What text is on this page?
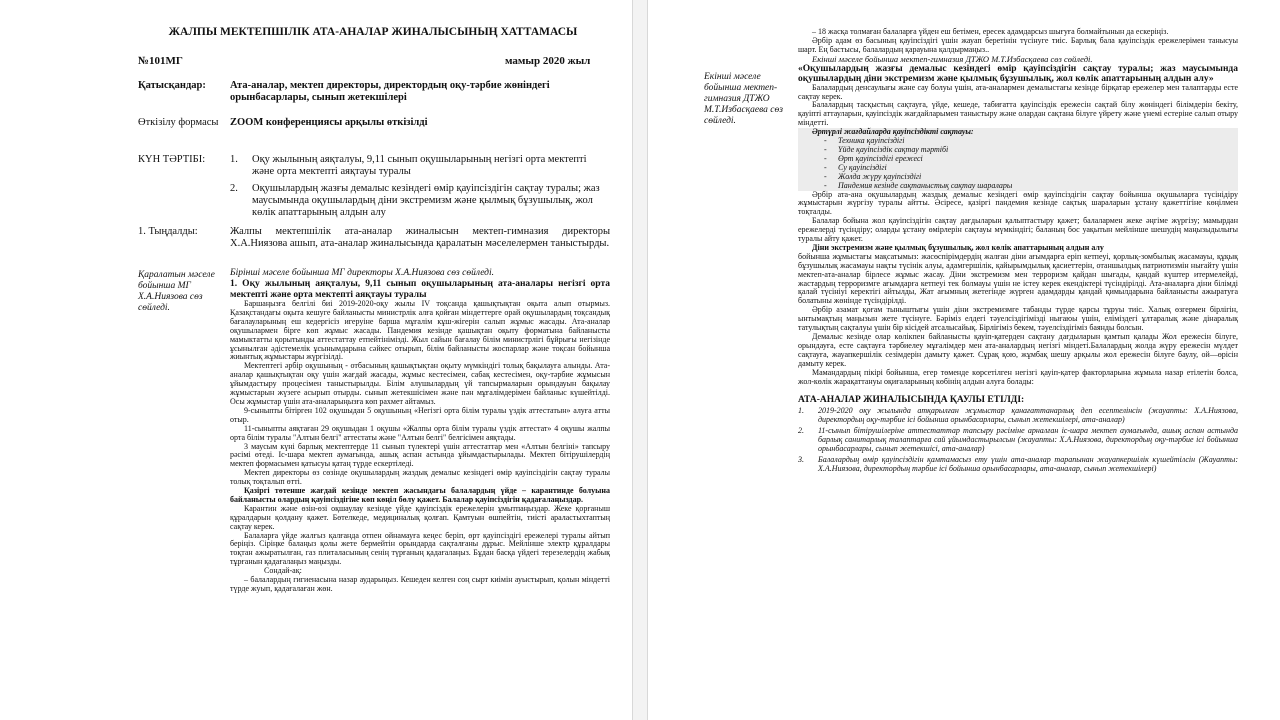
ЖАЛПЫ МЕКТЕПШІЛІК АТА-АНАЛАР ЖИНАЛЫСЫНЫҢ ХАТТАМАСЫ
№101МГ	мамыр 2020 жыл
Қатысқандар:	Ата-аналар, мектеп директоры, директордың оқу-тәрбие жөніндегі орынбасарлары, сынып жетекшілері
Өткізілу формасы	ZOOM конференциясы арқылы өткізілді
КҮН ТӘРТІБІ:	1. Оқу жылының аяқталуы, 9,11 сынып оқушыларының негізгі орта мектепті және орта мектепті аяқтауы туралы
2. Оқушылардың жазғы демалыс кезіндегі өмір қауіпсіздігін сақтау туралы; жаз маусымында оқушылардың діни экстремизм және қылмық бұзушылық, жол көлік апаттарының алдын алу
1. Тыңдалды:	Жалпы мектепшілік ата-аналар жиналысын мектеп-гимназия директоры Х.А.Ниязова ашып, ата-аналар жиналысында қаралатын мәселелермен таныстырды.
Қаралатын мәселе бойынша МГ Х.А.Ниязова сөз сөйледі.

Бірінші мәселе бойынша МГ директоры Х.А.Ниязова сөз сөйледі.

1. Оқу жылының аяқталуы, 9,11 сынып оқушыларының ата-аналары негізгі орта мектепті және орта мектепті аяқтауы туралы

Баршаңызға белгілі биі 2019-2020-оқу жылы IV тоқсанда қашықтықтан оқыта алып отырмыз. Қазақстандағы оқыта кешуге байланысты министрлік алға қойған міндеттерге орай оқушылардың тоқсандық бағалауларының еш кедергісіз игеруіне барша мұғалім кұш-жігерін салып жұмыс жасады. Ата-аналар оқушылармен бірге көп жұмыс жасады. Пандемия кезінде қашықтан оқыту форматына байланысты мамыктатты қорытынды аттестаттау етпейтінімізді. Жыл сайын бағалау білім министрлігі бұйрығы негізінде ұсынылған әдістемелік ұсынымдарына сәйкес отырып, білім байланысты жоспарлар және тоқсан бойынша жиынтық жұмыстары жүргізілді.

Мектептегі әрбір оқушының - отбасының қашықтықтан оқыту мүмкіндігі толық бақылауға алынды. Ата-аналар қашықтықтан оқу үшін жағдай жасады, жұмыс кестесімен, сабақ кестесімен, оқу-тәрбие жұмысын ұйымдастыру процесімен таныстырылды. Білім алушылардың үй тапсырмаларын орындауын бақылау жұмыстарын жүзеге асырып отырды. сынып жетекшісімен және пән мұғалімдерімен байланыс күшейтілді. Осы жұмыстар үшін ата-аналарыңызға көп рахмет айтамыз.

9-сыныпты бітірген 102 оқушыдан 5 оқушының «Негізгі орта білім туралы үздік аттестатын» алуға атты отыр.

11-сыныпты аяқтаған 29 оқушыдан 1 оқушы «Жалпы орта білім туралы үздік аттестат» 4 оқушы жалпы орта білім туралы "Алтын белгі" аттестаты және "Алтын белгі" белгісімен аяқтады.

3 маусым күні барлық мектептерде 11 сынып түлектері үшін аттестаттар мен «Алтын белгіні» тапсыру рәсімі өтеді. Іс-шара мектеп аумағында, ашық аспан астында ұйымдастырылады. Мектеп бітірушілердің мектеп формасымен қатысуы қатаң түрде ескертіледі.

Мектеп директоры өз сөзінде оқушылардың жаздық демалыс кезіндегі өмір қауіпсіздігін сақтау туралы толық тоқталып өтті.

Қазіргі төтенше жағдай кезінде мектеп жасындағы балалардың үйде – карантинде болуына байланысты олардың қауіпсіздігіне көп көңіл бөлу қажет. Балалар қауіпсіздігін қадағалаңыздар.

Карантин және өзін-өзі оқшаулау кезінде үйде қауіпсіздік ережелерін ұмытпаңыздар. Жеке қорғаныш құралдарын қолдану қажет. Бөтелкеде, медициналық қолғап. Қамтуын өшпейтін, тиісті араластыхтаптың сақтау керек.

Балаларға үйде жалғыз қалғанда отпен ойнамауға кеңес беріп, өрт қауіпсіздігі ережелері туралы айтып беріңіз. Сіріңке балаңыз қолы жете бермейтін орындарда сақталғаны дұрыс. Мейлінше электр құралдары тоқтан ажыратылған, газ плиталасының сенің түрғаның қадағалаңыз. Бұдан басқа үйдегі терезелердің жабық тұрғанын қадағалаңыз маңызды.

Сондай-ақ:

– балалардың гигиенасына назар аударыңыз. Кешеден келген соң сырт киімін ауыстырып, қолын міндетті түрде жуып, қадағалаған жөн.

Екінші мәселе бойынша мектеп-гимназия ДТЖО М.Т.Избасқаева сөз сөйледі.

– 18 жасқа толмаған балаларға үйден еш бетімен, ересек адамдарсыз шығуға болмайтынын да ескеріңіз.

Әрбір адам өз басының қауіпсіздігі үшін жауап беретінін түсінуге тиіс. Барлық бала қауіпсіздік ережелерімен танысуы шарт. Ең бастысы, балалардың қарауына қалдырмаңыз..

Екінші мәселе бойынша мектеп-гимназия ДТЖО М.Т.Избасқаева сөз сөйледі.

«Оқушылардың жазғы демалыс кезіндегі өмір қауіпсіздігін сақтау туралы; жаз маусымында оқушылардың діни экстремизм және қылмық бұзушылық, жол көлік апаттарының алдын алу»

Балалардың денсаулығы және сау болуы үшін, ата-аналармен демалыстағы кезінде бірқатар ережелер мен талаптарды есте сақтау керек.

Балалардың тасқыстың сақтауға, үйде, кешеде, табиғатта қауіпсіздік ережесін сақтай білу жөніндегі білімдерін бекіту, қауіпті аттауларын, қауіпсіздік жағдайларымен таныстыру және олардан сақтана білуге үйрету және үнемі естеріне салып отыру міндетті.

Әртүрлі жағдайларда қауіпсіздікті сақтауы:

- Техника қауіпсіздігі
- Үйде қауіпсіздік сақтау тәртібі
- Өрт қауіпсіздігі ережесі
- Су қауіпсіздігі
- Жолда жүру қауіпсіздігі
- Пандемия кезінде сақтаныстық сақтау шаралары

Әрбір ата-ана оқушылардың жаздық демалыс кезіндегі өмір қауіпсіздігін сақтау бойынша оқушыларға түсінідіру жұмыстарын жүргізу туралы айтты. Әсіресе, қазіргі пандемия кезінде сақтық шараларын ұстану қажеттігіне көңілмен тоқталды.

Балалар бойына жол қауіпсіздігін сақтау дағдыларын қалыптастыру қажет; балалармен жеке әңгіме жүргізу; мамырдан ережелерді түсіндіру; оларды ұстану өмірлерін сақтауы мүмкіндігі; баланың бос уақытын мейлінше шешудің маңызыдылығы туралы айту қажет.

Діни экстремизм және қылмық бұзушылық, жол көлік апаттарының алдын алу

бойынша жұмыстағы мақсатымыз: жасөспірімдердің жалған діни ағымдарға еріп кетпеуі, қорлық-зомбылық жасамауы, құқық бұзушылық жасамауы нақты түсінік алуы, адамгершілік, қайырымдылық қасиеттерін, отаншылдық патриотизмін нығайту үшін мектеп-ата-аналар бірлесе жұмыс жасау. Діни экстремизм мен терроризм қайдан шығады, қандай күштер итермелейді, жастардың терроризмге ағымдарға кетпеуі тек болмауы үшін не істеу керек екендіктері түсіндірілді. Ата-аналарға діни білімді қалай түсініуі керектігі айтылды, Жат ағымның жетегінде жүрген адамдарды қандай қимылдарына байланысты ажыратуға болатыны жөнінде түсіндірілді.

Әрбір азамат қоғам тыныштығы үшін діни экстремизмге табанды түрде қарсы тұруы тиіс. Халық өзгермен бірлігін, ынтымақтың маңызын жете түсінуге. Бәріміз елдегі тәуелсіздігімізді нығаюы үшін, еліміздегі ұлтаралық және дінаралық татулықтың сақталуы үшін бір кісідей атсалысайық. Бірлігіміз бекем, тәуелсіздігіміз баянды болсын.

Демалыс кезінде олар көлікпен байланысты қауіп-қатерден сақтану дағдыларын қамтып қалады Жол ережесін білуге, орындауға, есте сақтауға тәрбиелеу мұғалімдер мен ата-аналардың негізгі міндеті.Балалардың жолда жүру ережесін мүлдет сақтауға, жауапкершілік сезімдерін дамыту қажет. Сұрақ қою, жұмбақ шешу арқылы жол ережесін білуге баулу, ой—өрісін дамыту керек.

Мамандардың пікірі бойынша, егер төменде көрсетілген негізгі қауіп-қатер факторларына жұмыла назар етілетін болса, жол-көлік жарақаттануы оқиғаларының көбінің алдын алуға болады:

АТА-АНАЛАР ЖИНАЛЫСЫНДА ҚАУЛЫ ЕТІЛДІ:

1. 2019-2020 оқу жылында атқарылған жұмыстар қанағаттанарлық деп есептелінсін (жауапты: Х.А.Ниязова, директордың оқу-тәрбие ісі бойынша орынбасарлары, сынып жетекшілері, ата-аналар)
2. 11-сынып бітірушілеріне аттестаттар тапсыру рәсіміне арналған іс-шара мектеп аумағында, ашық аспан астында барлық санитарлық талаптарға сай ұйымдастырылсын (жауапты: Х.А.Ниязова, директордың оқу-тәрбие ісі бойынша орынбасарлары, сынып жетекшісі, ата-аналар)
3. Балалардың өмір қауіпсіздігін қамтамасыз ету үшін ата-аналар тарапынан жауапкершілік күшейтілсін (Жауапты: Х.А.Ниязова, директордың тәрбие ісі бойынша орынбасарлары, ата-аналар, сынып жетекшілері)
